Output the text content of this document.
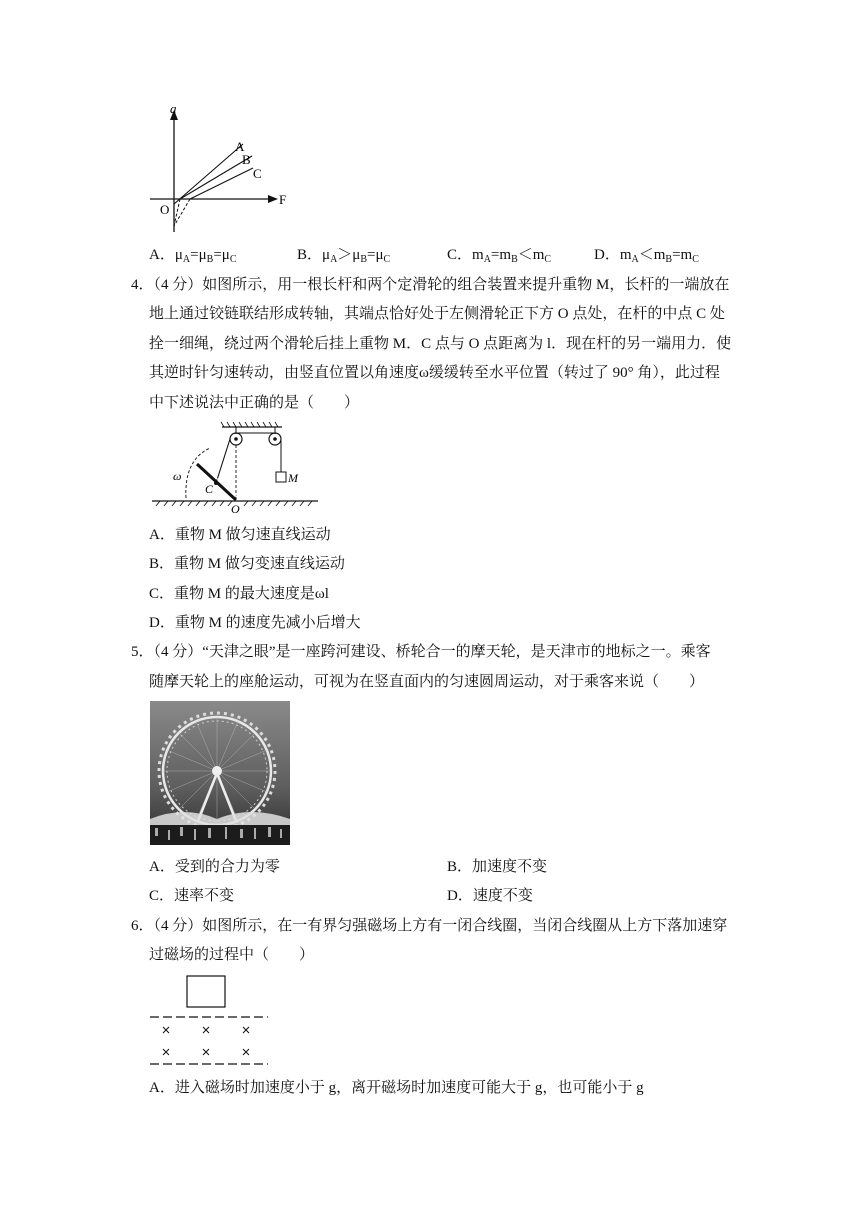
a
F
O
A
B
C
A．$\mu_A=\mu_B=\mu_C$	B．$\mu_A>\mu_B=\mu_C$	C．$m_A=m_B<m_C$	D．$m_A<m_B=m_C$
4．（4 分）如图所示，用一根长杆和两个定滑轮的组合装置来提升重物 M，长杆的一端放在
地上通过铰链联结形成转轴，其端点恰好处于左侧滑轮正下方 O 点处，在杆的中点 C 处
拴一细绳，绕过两个滑轮后挂上重物 M．C 点与 O 点距离为 l．现在杆的另一端用力．使
其逆时针匀速转动，由竖直位置以角速度ω缓缓转至水平位置（转过了 90° 角），此过程
中下述说法中正确的是（　　）
ω
C
O
M
A．重物 M 做匀速直线运动
B．重物 M 做匀变速直线运动
C．重物 M 的最大速度是ωl
D．重物 M 的速度先减小后增大
5．（4 分）“天津之眼”是一座跨河建设、桥轮合一的摩天轮，是天津市的地标之一。乘客
随摩天轮上的座舱运动，可视为在竖直面内的匀速圆周运动，对于乘客来说（　　）
A．受到的合力为零	B．加速度不变
C．速率不变	D．速度不变
6．（4 分）如图所示，在一有界匀强磁场上方有一闭合线圈，当闭合线圈从上方下落加速穿
过磁场的过程中（　　）
A．进入磁场时加速度小于 g，离开磁场时加速度可能大于 g，也可能小于 g
